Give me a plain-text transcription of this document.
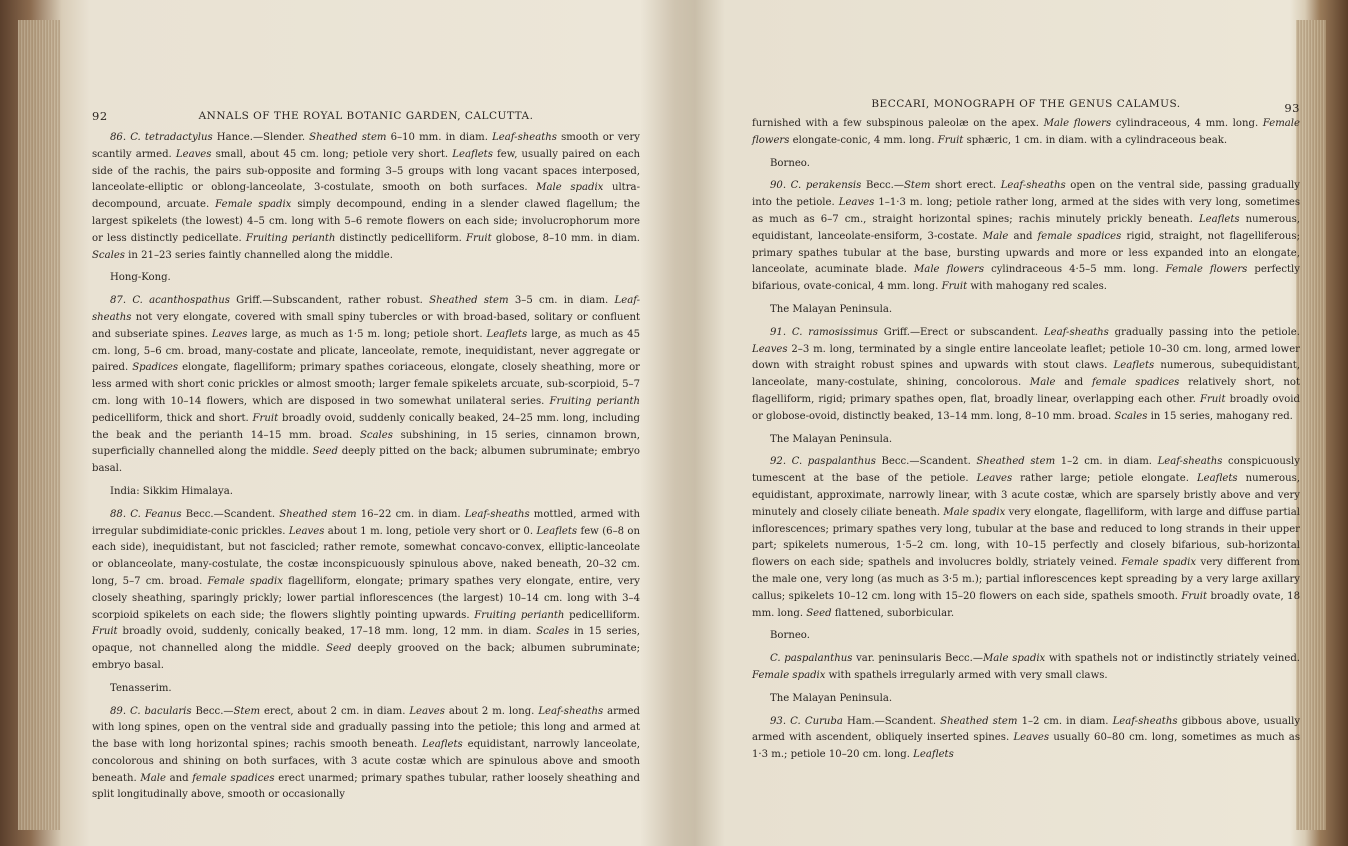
92	ANNALS OF THE ROYAL BOTANIC GARDEN, CALCUTTA.

86. C. tetradactylus Hance.—Slender. Sheathed stem 6–10 mm. in diam. Leaf-sheaths smooth or very scantily armed. Leaves small, about 45 cm. long; petiole very short. Leaflets few, usually paired on each side of the rachis, the pairs sub-opposite and forming 3–5 groups with long vacant spaces interposed, lanceolate-elliptic or oblong-lanceolate, 3-costulate, smooth on both surfaces. Male spadix ultra-decompound, arcuate. Female spadix simply decompound, ending in a slender clawed flagellum; the largest spikelets (the lowest) 4–5 cm. long with 5–6 remote flowers on each side; involucrophorum more or less distinctly pedicellate. Fruiting perianth distinctly pedicelliform. Fruit globose, 8–10 mm. in diam. Scales in 21–23 series faintly channelled along the middle.

Hong-Kong.

87. C. acanthospathus Griff.—Subscandent, rather robust. Sheathed stem 3–5 cm. in diam. Leaf-sheaths not very elongate, covered with small spiny tubercles or with broad-based, solitary or confluent and subseriate spines. Leaves large, as much as 1·5 m. long; petiole short. Leaflets large, as much as 45 cm. long, 5–6 cm. broad, many-costate and plicate, lanceolate, remote, inequidistant, never aggregate or paired. Spadices elongate, flagelliform; primary spathes coriaceous, elongate, closely sheathing, more or less armed with short conic prickles or almost smooth; larger female spikelets arcuate, sub-scorpioid, 5–7 cm. long with 10–14 flowers, which are disposed in two somewhat unilateral series. Fruiting perianth pedicelliform, thick and short. Fruit broadly ovoid, suddenly conically beaked, 24–25 mm. long, including the beak and the perianth 14–15 mm. broad. Scales subshining, in 15 series, cinnamon brown, superficially channelled along the middle. Seed deeply pitted on the back; albumen subruminate; embryo basal.

India: Sikkim Himalaya.

88. C. Feanus Becc.—Scandent. Sheathed stem 16–22 cm. in diam. Leaf-sheaths mottled, armed with irregular subdimidiate-conic prickles. Leaves about 1 m. long, petiole very short or 0. Leaflets few (6–8 on each side), inequidistant, but not fascicled; rather remote, somewhat concavo-convex, elliptic-lanceolate or oblanceolate, many-costulate, the costæ inconspicuously spinulous above, naked beneath, 20–32 cm. long, 5–7 cm. broad. Female spadix flagelliform, elongate; primary spathes very elongate, entire, very closely sheathing, sparingly prickly; lower partial inflorescences (the largest) 10–14 cm. long with 3–4 scorpioid spikelets on each side; the flowers slightly pointing upwards. Fruiting perianth pedicelliform. Fruit broadly ovoid, suddenly, conically beaked, 17–18 mm. long, 12 mm. in diam. Scales in 15 series, opaque, not channelled along the middle. Seed deeply grooved on the back; albumen subruminate; embryo basal.

Tenasserim.

89. C. bacularis Becc.—Stem erect, about 2 cm. in diam. Leaves about 2 m. long. Leaf-sheaths armed with long spines, open on the ventral side and gradually passing into the petiole; this long and armed at the base with long horizontal spines; rachis smooth beneath. Leaflets equidistant, narrowly lanceolate, concolorous and shining on both surfaces, with 3 acute costæ which are spinulous above and smooth beneath. Male and female spadices erect unarmed; primary spathes tubular, rather loosely sheathing and split longitudinally above, smooth or occasionally

BECCARI, MONOGRAPH OF THE GENUS CALAMUS.	93

furnished with a few subspinous paleolæ on the apex. Male flowers cylindraceous, 4 mm. long. Female flowers elongate-conic, 4 mm. long. Fruit sphæric, 1 cm. in diam. with a cylindraceous beak.

Borneo.

90. C. perakensis Becc.—Stem short erect. Leaf-sheaths open on the ventral side, passing gradually into the petiole. Leaves 1–1·3 m. long; petiole rather long, armed at the sides with very long, sometimes as much as 6–7 cm., straight horizontal spines; rachis minutely prickly beneath. Leaflets numerous, equidistant, lanceolate-ensiform, 3-costate. Male and female spadices rigid, straight, not flagelliferous; primary spathes tubular at the base, bursting upwards and more or less expanded into an elongate, lanceolate, acuminate blade. Male flowers cylindraceous 4·5–5 mm. long. Female flowers perfectly bifarious, ovate-conical, 4 mm. long. Fruit with mahogany red scales.

The Malayan Peninsula.

91. C. ramosissimus Griff.—Erect or subscandent. Leaf-sheaths gradually passing into the petiole. Leaves 2–3 m. long, terminated by a single entire lanceolate leaflet; petiole 10–30 cm. long, armed lower down with straight robust spines and upwards with stout claws. Leaflets numerous, subequidistant, lanceolate, many-costulate, shining, concolorous. Male and female spadices relatively short, not flagelliform, rigid; primary spathes open, flat, broadly linear, overlapping each other. Fruit broadly ovoid or globose-ovoid, distinctly beaked, 13–14 mm. long, 8–10 mm. broad. Scales in 15 series, mahogany red.

The Malayan Peninsula.

92. C. paspalanthus Becc.—Scandent. Sheathed stem 1–2 cm. in diam. Leaf-sheaths conspicuously tumescent at the base of the petiole. Leaves rather large; petiole elongate. Leaflets numerous, equidistant, approximate, narrowly linear, with 3 acute costæ, which are sparsely bristly above and very minutely and closely ciliate beneath. Male spadix very elongate, flagelliform, with large and diffuse partial inflorescences; primary spathes very long, tubular at the base and reduced to long strands in their upper part; spikelets numerous, 1·5–2 cm. long, with 10–15 perfectly and closely bifarious, sub-horizontal flowers on each side; spathels and involucres boldly, striately veined. Female spadix very different from the male one, very long (as much as 3·5 m.); partial inflorescences kept spreading by a very large axillary callus; spikelets 10–12 cm. long with 15–20 flowers on each side, spathels smooth. Fruit broadly ovate, 18 mm. long. Seed flattened, suborbicular.

Borneo.

C. paspalanthus var. peninsularis Becc.—Male spadix with spathels not or indistinctly striately veined. Female spadix with spathels irregularly armed with very small claws.

The Malayan Peninsula.

93. C. Curuba Ham.—Scandent. Sheathed stem 1–2 cm. in diam. Leaf-sheaths gibbous above, usually armed with ascendent, obliquely inserted spines. Leaves usually 60–80 cm. long, sometimes as much as 1·3 m.; petiole 10–20 cm. long. Leaflets
